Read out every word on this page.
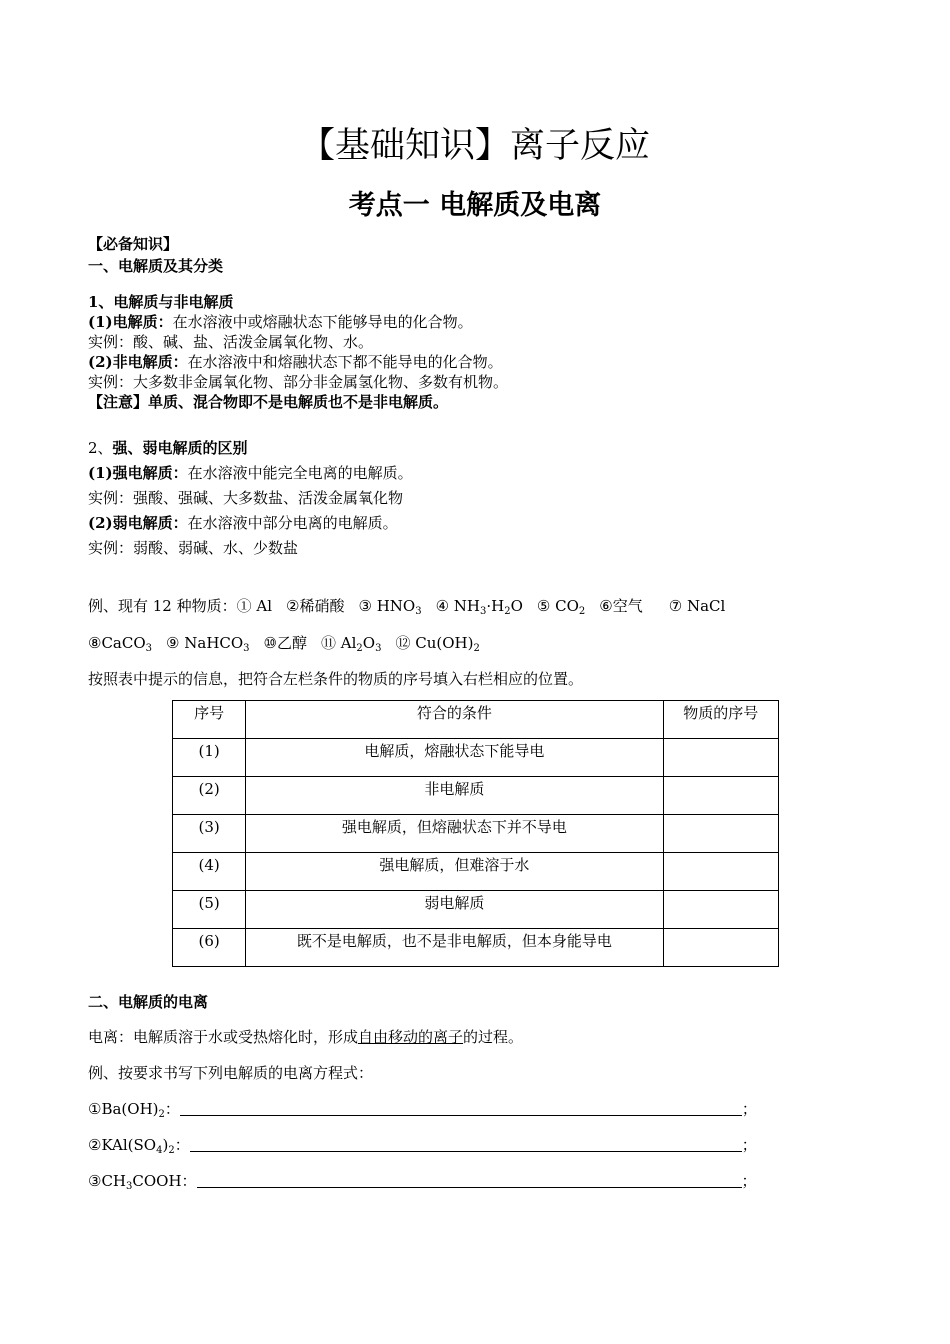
【基础知识】离子反应
考点一 电解质及电离
【必备知识】
一、电解质及其分类
1、电解质与非电解质
(1)电解质：在水溶液中或熔融状态下能够导电的化合物。
实例：酸、碱、盐、活泼金属氧化物、水。
(2)非电解质：在水溶液中和熔融状态下都不能导电的化合物。
实例：大多数非金属氧化物、部分非金属氢化物、多数有机物。
【注意】单质、混合物即不是电解质也不是非电解质。
2、强、弱电解质的区别
(1)强电解质：在水溶液中能完全电离的电解质。
实例：强酸、强碱、大多数盐、活泼金属氧化物
(2)弱电解质：在水溶液中部分电离的电解质。
实例：弱酸、弱碱、水、少数盐
例、现有 12 种物质：① Al ②稀硝酸 ③ $HNO_3$ ④ $NH_3\cdot H_2O$ ⑤ $CO_2$ ⑥空气 ⑦ NaCl
⑧CaCO$_3$ ⑨ NaHCO$_3$ ⑩乙醇 ⑪ $Al_2O_3$ ⑫ $Cu(OH)_2$
按照表中提示的信息，把符合左栏条件的物质的序号填入右栏相应的位置。
序号	符合的条件	物质的序号
(1)	电解质，熔融状态下能导电	
(2)	非电解质	
(3)	强电解质，但熔融状态下并不导电	
(4)	强电解质，但难溶于水	
(5)	弱电解质	
(6)	既不是电解质，也不是非电解质，但本身能导电	
二、电解质的电离
电离：电解质溶于水或受热熔化时，形成自由移动的离子的过程。
例、按要求书写下列电解质的电离方程式：
$①Ba(OH)_2$：	；
$②KAl(SO_4)_2$：	；
$③CH_3COOH$：	；
